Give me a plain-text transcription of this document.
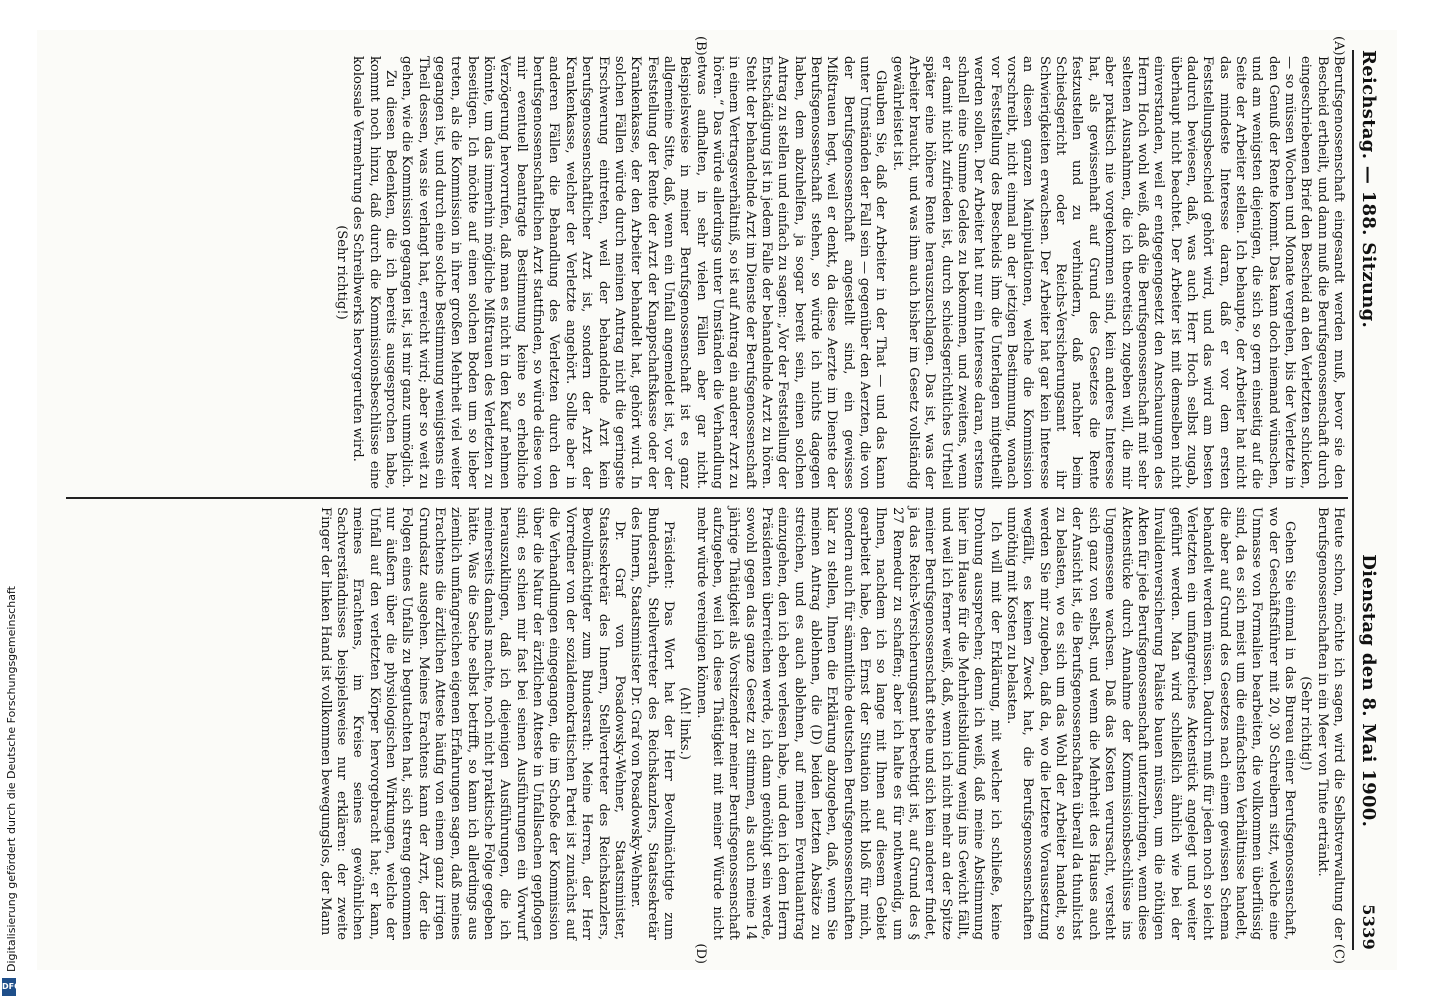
Digitalisierung gefördert durch die Deutsche Forschungsgemeinschaft
DFG
Reichstag. — 188. Sitzung.
Dienstag den 8. Mai 1900.
5339
(A)
(B)
(C)
(D)

Berufsgenossenschaft eingesandt werden muß, bevor sie den Bescheid ertheilt, und dann muß die Berufsgenossenschaft durch eingeschriebenen Brief den Bescheid an den Verletzten schicken, — so müssen Wochen und Monate vergehen, bis der Verletzte in den Genuß der Rente kommt. Das kann doch niemand wünschen, und am wenigsten diejenigen, die sich so gern einseitig auf die Seite der Arbeiter stellen. Ich behaupte, der Arbeiter hat nicht das mindeste Interesse daran, daß er vor dem ersten Feststellungsbescheid gehört wird, und das wird am besten dadurch bewiesen, daß, was auch Herr Hoch selbst zugab, überhaupt nicht beachtet. Der Arbeiter ist mit demselben nicht einverstanden, weil er entgegengesetzt den Anschauungen des Herrn Hoch wohl weiß, daß die Berufsgenossenschaft mit sehr seltenen Ausnahmen, die ich theoretisch zugeben will, die mir aber praktisch nie vorgekommen sind, kein anderes Interesse hat, als gewissenhaft auf Grund des Gesetzes die Rente festzustellen und zu verhindern, daß nachher beim Schiedsgericht oder Reichs-Versicherungsamt ihr Schwierigkeiten erwachsen. Der Arbeiter hat gar kein Interesse an diesen ganzen Manipulationen, welche die Kommission vorschreibt, nicht einmal an der jetzigen Bestimmung, wonach vor Feststellung des Bescheids ihm die Unterlagen mitgetheilt werden sollen. Der Arbeiter hat nur ein Interesse daran, erstens schnell eine Summe Geldes zu bekommen, und zweitens, wenn er damit nicht zufrieden ist, durch schiedsgerichtliches Urtheil später eine höhere Rente herauszuschlagen. Das ist, was der Arbeiter braucht, und was ihm auch bisher im Gesetz vollständig gewährleistet ist.

Glauben Sie, daß der Arbeiter in der That — und das kann unter Umständen der Fall sein — gegenüber den Aerzten, die von der Berufsgenossenschaft angestellt sind, ein gewisses Mißtrauen hegt, weil er denkt, da diese Aerzte im Dienste der Berufsgenossenschaft stehen, so würde ich nichts dagegen haben, dem abzuhelfen, ja sogar bereit sein, einen solchen Antrag zu stellen und einfach zu sagen: „Vor der Feststellung der Entschädigung ist in jedem Falle der behandelnde Arzt zu hören. Steht der behandelnde Arzt im Dienste der Berufsgenossenschaft in einem Vertragsverhältniß, so ist auf Antrag ein anderer Arzt zu hören.“ Das würde allerdings unter Umständen die Verhandlung etwas aufhalten, in sehr vielen Fällen aber gar nicht. Beispielsweise in meiner Berufsgenossenschaft ist es ganz allgemeine Sitte, daß, wenn ein Unfall angemeldet ist, vor der Feststellung der Rente der Arzt der Knappschaftskasse oder der Krankenkasse, der den Arbeiter behandelt hat, gehört wird. In solchen Fällen würde durch meinen Antrag nicht die geringste Erschwerung eintreten, weil der behandelnde Arzt kein berufsgenossenschaftlicher Arzt ist, sondern der Arzt der Krankenkasse, welcher der Verletzte angehört. Sollte aber in anderen Fällen die Behandlung des Verletzten durch den berufsgenossenschaftlichen Arzt stattfinden, so würde diese von mir eventuell beantragte Bestimmung keine so erhebliche Verzögerung hervorrufen, daß man es nicht in den Kauf nehmen könnte, um das immerhin mögliche Mißtrauen des Verletzten zu beseitigen. Ich möchte auf einen solchen Boden um so lieber treten, als die Kommission in ihrer großen Mehrheit viel weiter gegangen ist, und durch eine solche Bestimmung wenigstens ein Theil dessen, was sie verlangt hat, erreicht wird; aber so weit zu gehen, wie die Kommission gegangen ist, ist mir ganz unmöglich.

Zu diesen Bedenken, die ich bereits ausgesprochen habe, kommt noch hinzu, daß durch die Kommissionsbeschlüsse eine kolossale Vermehrung des Schreibwerks hervorgerufen wird.

(Sehr richtig!)

Heute schon, möchte ich sagen, wird die Selbstverwaltung der Berufsgenossenschaften in ein Meer von Tinte ertränkt.

(Sehr richtig!)

Gehen Sie einmal in das Bureau einer Berufsgenossenschaft, wo der Geschäftsführer mit 20, 30 Schreibern sitzt, welche eine Unmasse von Formalien bearbeiten, die vollkommen überflüssig sind, da es sich meist um die einfachsten Verhältnisse handelt, die aber auf Grund des Gesetzes nach einem gewissen Schema behandelt werden müssen. Dadurch muß für jeden noch so leicht Verletzten ein umfangreiches Aktenstück angelegt und weiter geführt werden. Man wird schließlich ähnlich wie bei der Invalidenversicherung Paläste bauen müssen, um die nöthigen Akten für jede Berufsgenossenschaft unterzubringen, wenn diese Aktenstücke durch Annahme der Kommissionsbeschlüsse ins Ungemessene wachsen. Daß das Kosten verursacht, versteht sich ganz von selbst, und wenn die Mehrheit des Hauses auch der Ansicht ist, die Berufsgenossenschaften überall da thunlichst zu belasten, wo es sich um das Wohl der Arbeiter handelt, so werden Sie mir zugeben, daß da, wo die letztere Voraussetzung wegfällt, es keinen Zweck hat, die Berufsgenossenschaften unnöthig mit Kosten zu belasten.

Ich will mit der Erklärung, mit welcher ich schließe, keine Drohung aussprechen; denn ich weiß, daß meine Abstimmung hier im Hause für die Mehrheitsbildung wenig ins Gewicht fällt, und weil ich ferner weiß, daß, wenn ich nicht mehr an der Spitze meiner Berufsgenossenschaft stehe und sich kein anderer findet, ja das Reichs-Versicherungsamt berechtigt ist, auf Grund des § 27 Remedur zu schaffen; aber ich halte es für nothwendig, um Ihnen, nachdem ich so lange mit Ihnen auf diesem Gebiet gearbeitet habe, den Ernst der Situation nicht bloß für mich, sondern auch für sämmtliche deutschen Berufsgenossenschaften klar zu stellen, Ihnen die Erklärung abzugeben, daß, wenn Sie meinen Antrag ablehnen, die (D) beiden letzten Absätze zu streichen, und es auch ablehnen, auf meinen Eventualantrag einzugehen, den ich eben verlesen habe, und den ich dem Herrn Präsidenten überreichen werde, ich dann genöthigt sein werde, sowohl gegen das ganze Gesetz zu stimmen, als auch meine 14 jährige Thätigkeit als Vorsitzender meiner Berufsgenossenschaft aufzugeben, weil ich diese Thätigkeit mit meiner Würde nicht mehr würde vereinigen können.

(Ah! links.)

Präsident: Das Wort hat der Herr Bevollmächtigte zum Bundesrath, Stellvertreter des Reichskanzlers, Staatssekretär des Innern, Staatsminister Dr. Graf von Posadowsky-Wehner.

Dr. Graf von Posadowsky-Wehner, Staatsminister, Staatssekretär des Innern, Stellvertreter des Reichskanzlers, Bevollmächtigter zum Bundesrath: Meine Herren, der Herr Vorredner von der sozialdemokratischen Partei ist zunächst auf die Verhandlungen eingegangen, die im Schoße der Kommission über die Natur der ärztlichen Atteste in Unfallsachen gepflogen sind; es schien mir fast bei seinen Ausführungen ein Vorwurf herauszuklingen, daß ich diejenigen Ausführungen, die ich meinerseits damals machte, noch nicht praktische Folge gegeben hätte. Was die Sache selbst betrifft, so kann ich allerdings aus ziemlich umfangreichen eigenen Erfahrungen sagen, daß meines Erachtens die ärztlichen Atteste häufig von einem ganz irrigen Grundsatz ausgehen. Meines Erachtens kann der Arzt, der die Folgen eines Unfalls zu begutachten hat, sich streng genommen nur äußern über die physiologischen Wirkungen, welche der Unfall auf den verletzten Körper hervorgebracht hat; er kann, meines Erachtens, im Kreise seines gewöhnlichen Sachverständnisses beispielsweise nur erklären: der zweite Finger der linken Hand ist vollkommen bewegungslos, der Mann
